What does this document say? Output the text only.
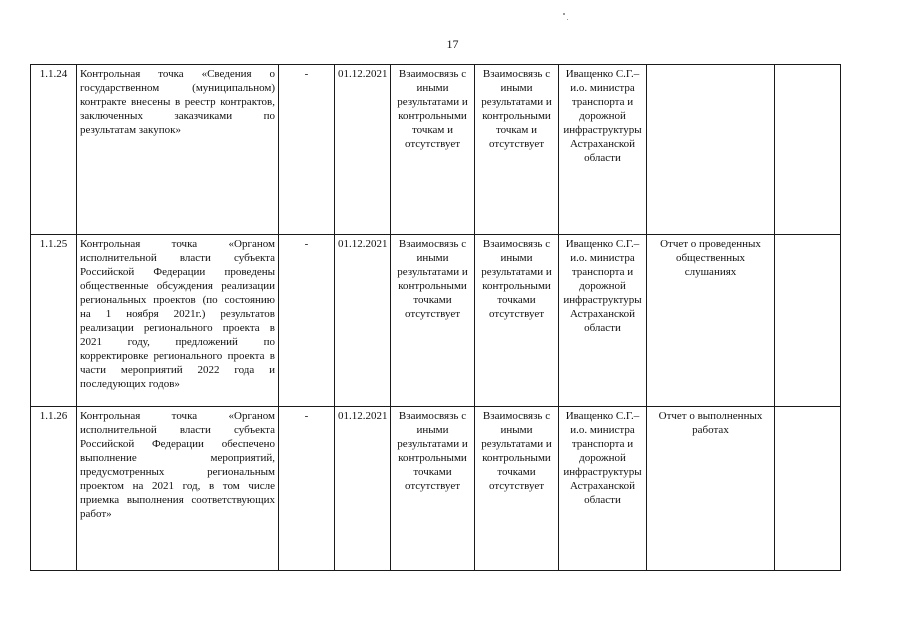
17
1.1.24	Контрольная точка «Сведения о государственном (муниципальном) контракте внесены в реестр контрактов, заключенных заказчиками по результатам закупок»	-	01.12.2021	Взаимосвязь с иными результатами и контрольными точкам и отсутствует	Взаимосвязь с иными результатами и контрольными точкам и отсутствует	Иващенко С.Г.– и.о. министра транспорта и дорожной инфраструктуры Астраханской области		
1.1.25	Контрольная точка «Органом исполнительной власти субъекта Российской Федерации проведены общественные обсуждения реализации региональных проектов (по состоянию на 1 ноября 2021г.) результатов реализации регионального проекта в 2021 году, предложений по корректировке регионального проекта в части мероприятий 2022 года и последующих годов»	-	01.12.2021	Взаимосвязь с иными результатами и контрольными точками отсутствует	Взаимосвязь с иными результатами и контрольными точками отсутствует	Иващенко С.Г.– и.о. министра транспорта и дорожной инфраструктуры Астраханской области	Отчет о проведенных общественных слушаниях	
1.1.26	Контрольная точка «Органом исполнительной власти субъекта Российской Федерации обеспечено выполнение мероприятий, предусмотренных региональным проектом на 2021 год, в том числе приемка выполнения соответствующих работ»	-	01.12.2021	Взаимосвязь с иными результатами и контрольными точками отсутствует	Взаимосвязь с иными результатами и контрольными точками отсутствует	Иващенко С.Г.– и.о. министра транспорта и дорожной инфраструктуры Астраханской области	Отчет о выполненных работах	
